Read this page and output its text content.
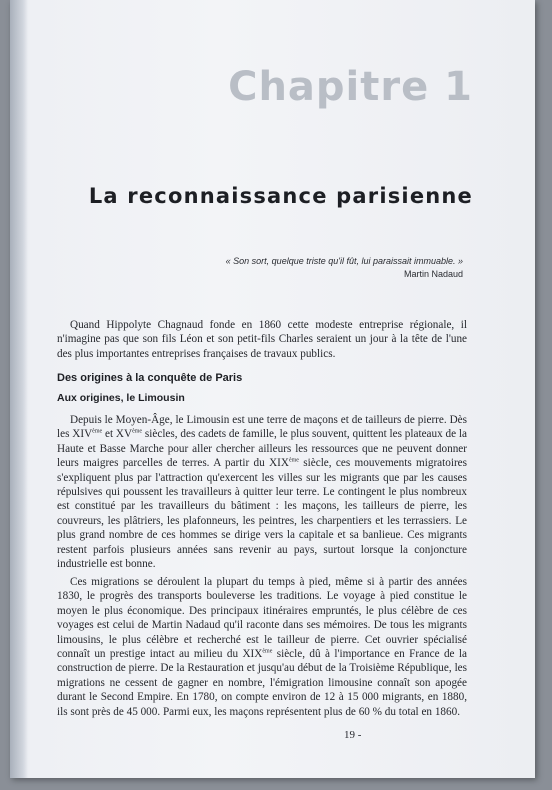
Chapitre 1
La reconnaissance parisienne
« Son sort, quelque triste qu'il fût, lui paraissait immuable. »
Martin Nadaud

Quand Hippolyte Chagnaud fonde en 1860 cette modeste entreprise régionale, il n'imagine pas que son fils Léon et son petit-fils Charles seraient un jour à la tête de l'une des plus importantes entreprises françaises de travaux publics.

Des origines à la conquête de Paris
Aux origines, le Limousin

Depuis le Moyen-Âge, le Limousin est une terre de maçons et de tailleurs de pierre. Dès les XIVème et XVème siècles, des cadets de famille, le plus souvent, quittent les plateaux de la Haute et Basse Marche pour aller chercher ailleurs les ressources que ne peuvent donner leurs maigres parcelles de terres. A partir du XIXème siècle, ces mouvements migratoires s'expliquent plus par l'attraction qu'exercent les villes sur les migrants que par les causes répulsives qui poussent les travailleurs à quitter leur terre. Le contingent le plus nombreux est constitué par les travailleurs du bâtiment : les maçons, les tailleurs de pierre, les couvreurs, les plâtriers, les plafonneurs, les peintres, les charpentiers et les terrassiers. Le plus grand nombre de ces hommes se dirige vers la capitale et sa banlieue. Ces migrants restent parfois plusieurs années sans revenir au pays, surtout lorsque la conjoncture industrielle est bonne.

Ces migrations se déroulent la plupart du temps à pied, même si à partir des années 1830, le progrès des transports bouleverse les traditions. Le voyage à pied constitue le moyen le plus économique. Des principaux itinéraires empruntés, le plus célèbre de ces voyages est celui de Martin Nadaud qu'il raconte dans ses mémoires. De tous les migrants limousins, le plus célèbre et recherché est le tailleur de pierre. Cet ouvrier spécialisé connaît un prestige intact au milieu du XIXème siècle, dû à l'importance en France de la construction de pierre. De la Restauration et jusqu'au début de la Troisième République, les migrations ne cessent de gagner en nombre, l'émigration limousine connaît son apogée durant le Second Empire. En 1780, on compte environ de 12 à 15 000 migrants, en 1880, ils sont près de 45 000. Parmi eux, les maçons représentent plus de 60 % du total en 1860.

19 -
